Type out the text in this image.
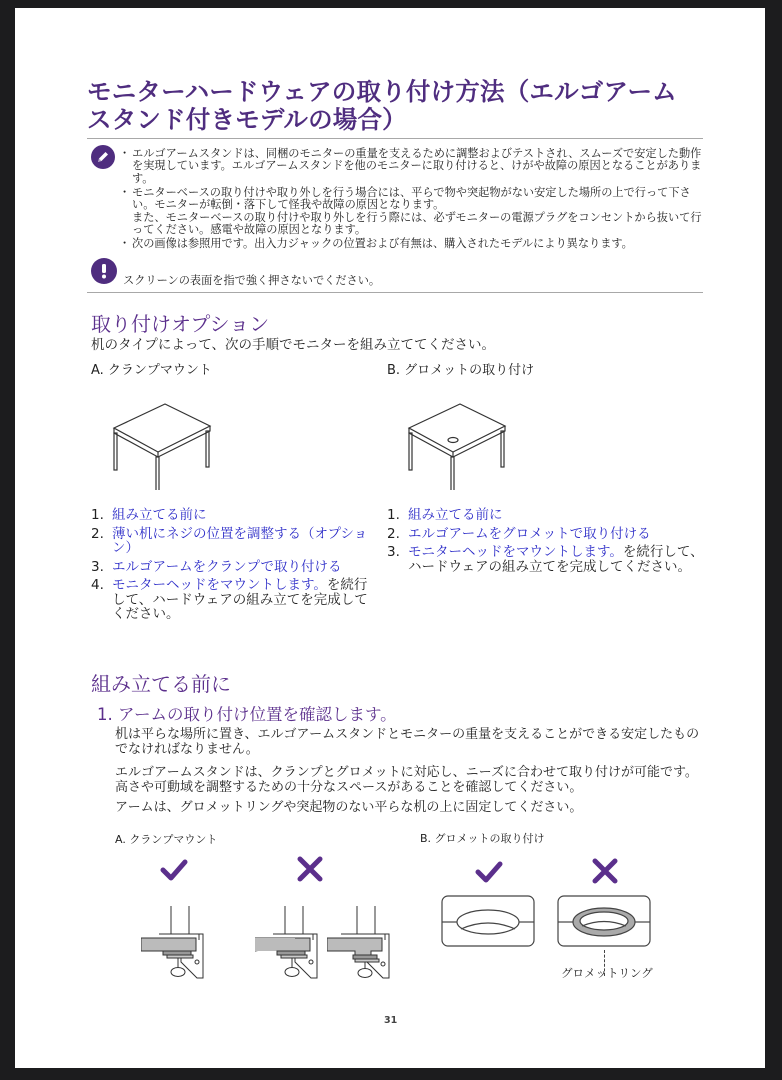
モニターハードウェアの取り付け方法（エルゴアーム
スタンド付きモデルの場合）
・ エルゴアームスタンドは、同梱のモニターの重量を支えるために調整およびテストされ、スムーズで安定した動作を実現しています。エルゴアームスタンドを他のモニターに取り付けると、けがや故障の原因となることがあります。
・ モニターベースの取り付けや取り外しを行う場合には、平らで物や突起物がない安定した場所の上で行って下さい。モニターが転倒・落下して怪我や故障の原因となります。
また、モニターベースの取り付けや取り外しを行う際には、必ずモニターの電源プラグをコンセントから抜いて行ってください。感電や故障の原因となります。
・ 次の画像は参照用です。出入力ジャックの位置および有無は、購入されたモデルにより異なります。
スクリーンの表面を指で強く押さないでください。
取り付けオプション
机のタイプによって、次の手順でモニターを組み立ててください。
A. クランプマウント	B. グロメットの取り付け
1. 組み立てる前に
2. 薄い机にネジの位置を調整する（オプション）
3. エルゴアームをクランプで取り付ける
4. モニターヘッドをマウントします。を続行して、ハードウェアの組み立てを完成してください。
1. 組み立てる前に
2. エルゴアームをグロメットで取り付ける
3. モニターヘッドをマウントします。を続行して、ハードウェアの組み立てを完成してください。
組み立てる前に
1. アームの取り付け位置を確認します。
机は平らな場所に置き、エルゴアームスタンドとモニターの重量を支えることができる安定したものでなければなりません。
エルゴアームスタンドは、クランプとグロメットに対応し、ニーズに合わせて取り付けが可能です。高さや可動域を調整するための十分なスペースがあることを確認してください。
アームは、グロメットリングや突起物のない平らな机の上に固定してください。
A. クランプマウント	B. グロメットの取り付け
グロメットリング
31
